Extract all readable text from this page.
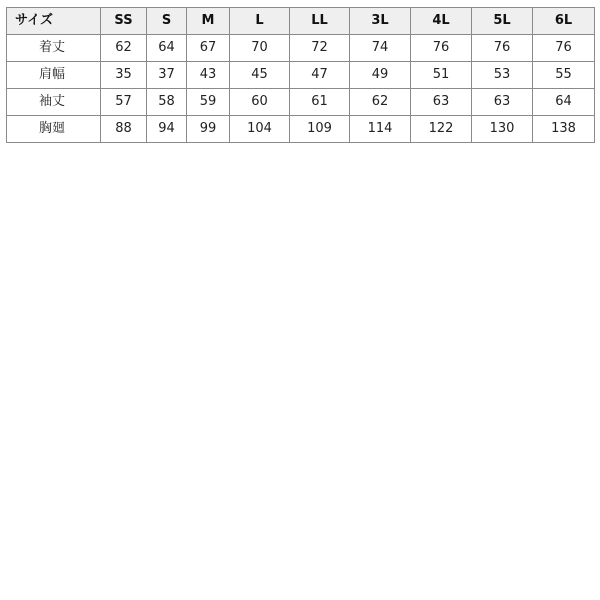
サイズ	SS	S	M	L	LL	3L	4L	5L	6L
着丈	62	64	67	70	72	74	76	76	76
肩幅	35	37	43	45	47	49	51	53	55
袖丈	57	58	59	60	61	62	63	63	64
胸廻	88	94	99	104	109	114	122	130	138
